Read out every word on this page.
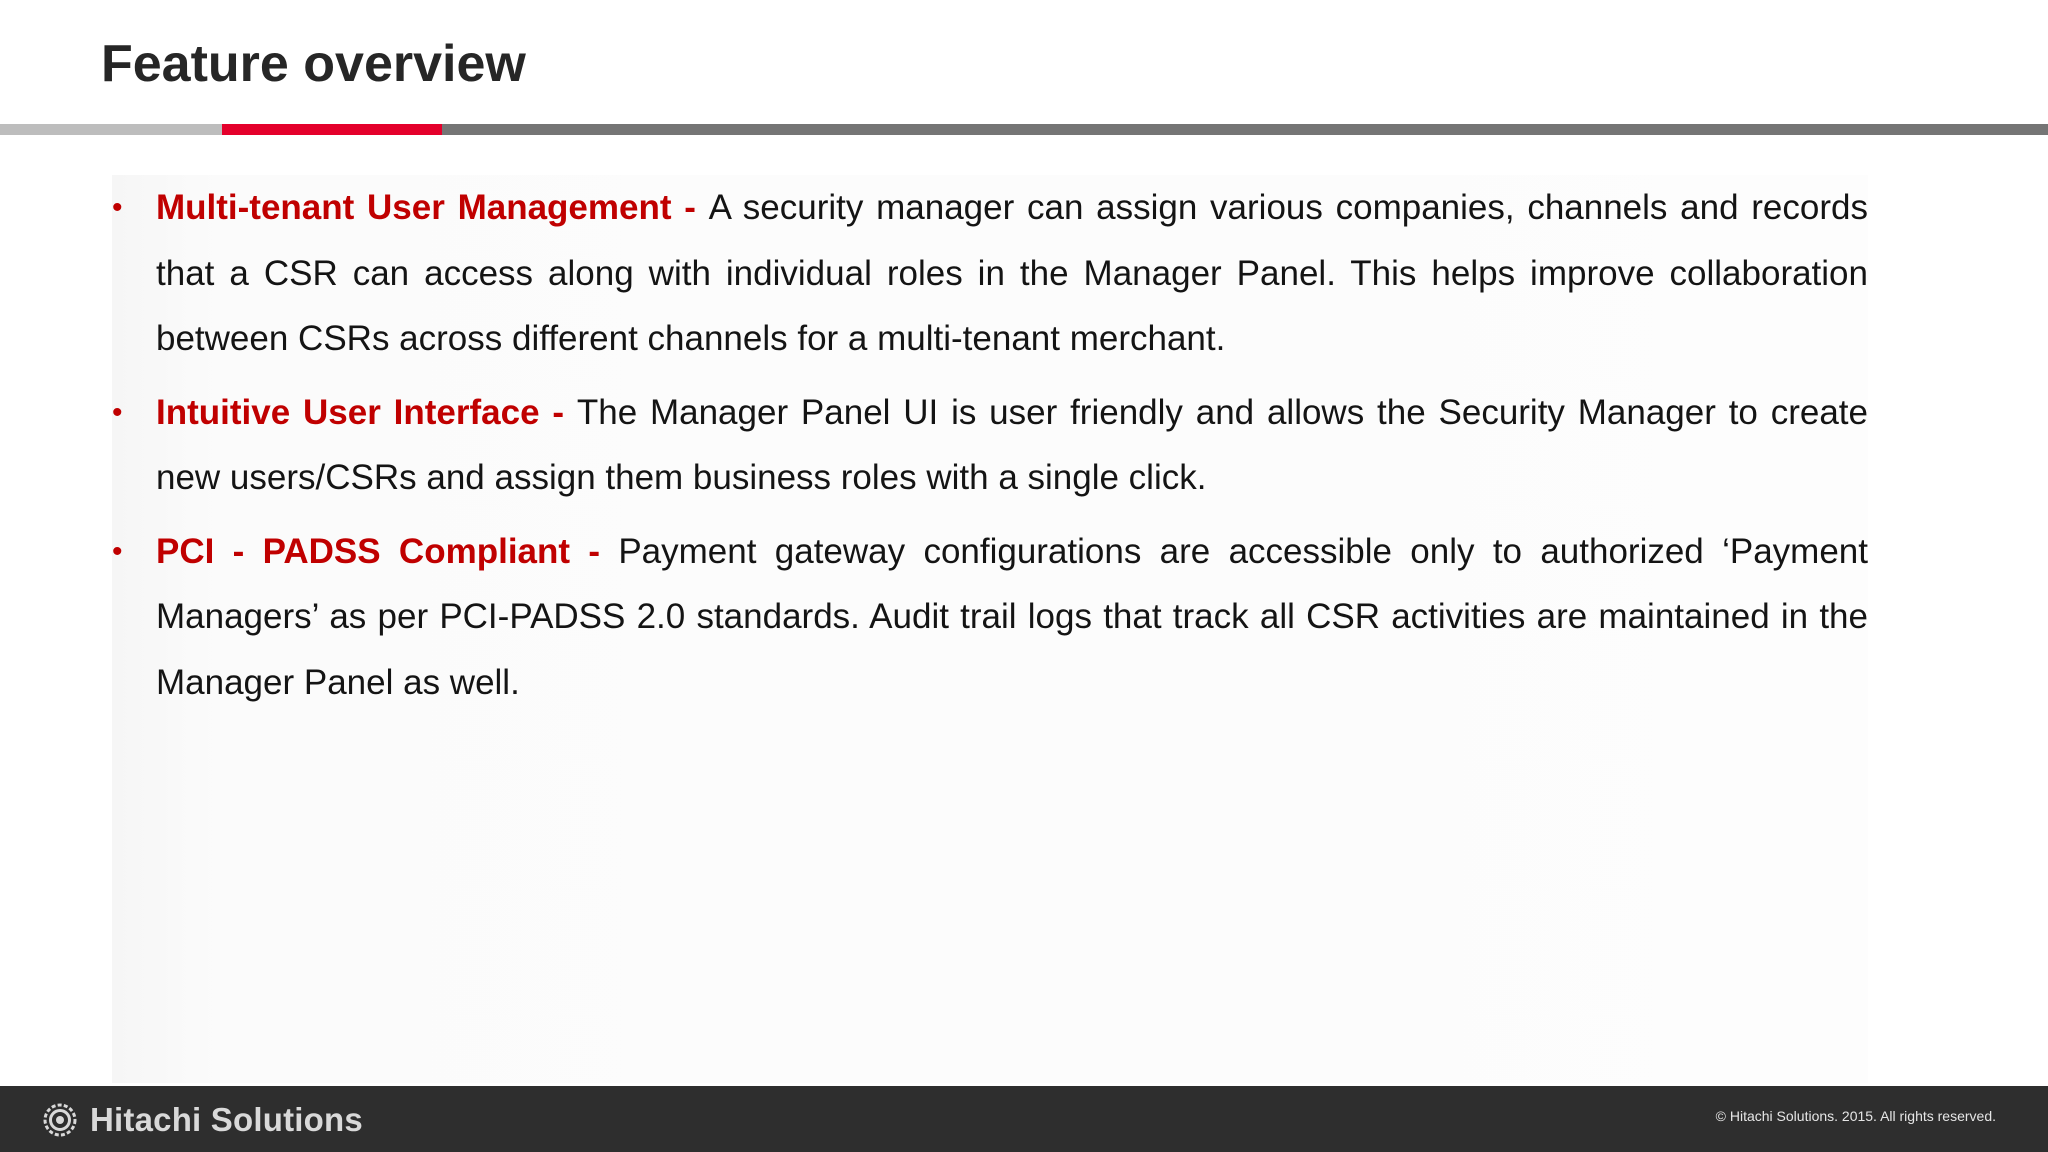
Feature overview
• Multi-tenant User Management - A security manager can assign various companies, channels and records that a CSR can access along with individual roles in the Manager Panel. This helps improve collaboration between CSRs across different channels for a multi-tenant merchant.
• Intuitive User Interface - The Manager Panel UI is user friendly and allows the Security Manager to create new users/CSRs and assign them business roles with a single click.
• PCI - PADSS Compliant - Payment gateway configurations are accessible only to authorized ‘Payment Managers’ as per PCI-PADSS 2.0 standards. Audit trail logs that track all CSR activities are maintained in the Manager Panel as well.
Hitachi Solutions	© Hitachi Solutions. 2015. All rights reserved.
